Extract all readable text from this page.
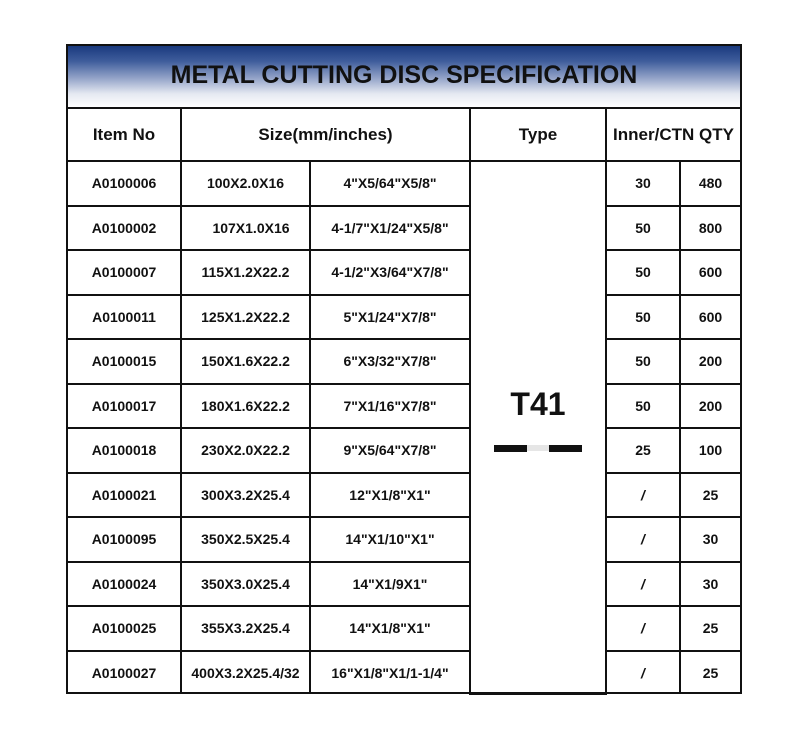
METAL CUTTING DISC SPECIFICATION
Item No	Size(mm/inches)		Type	Inner/CTN QTY	
A0100006	100X2.0X16	4"X5/64"X5/8"	T41	30	480
A0100002	107X1.0X16	4-1/7"X1/24"X5/8"		50	800
A0100007	115X1.2X22.2	4-1/2"X3/64"X7/8"		50	600
A0100011	125X1.2X22.2	5"X1/24"X7/8"		50	600
A0100015	150X1.6X22.2	6"X3/32"X7/8"		50	200
A0100017	180X1.6X22.2	7"X1/16"X7/8"		50	200
A0100018	230X2.0X22.2	9"X5/64"X7/8"		25	100
A0100021	300X3.2X25.4	12"X1/8"X1"		/	25
A0100095	350X2.5X25.4	14"X1/10"X1"		/	30
A0100024	350X3.0X25.4	14"X1/9X1"		/	30
A0100025	355X3.2X25.4	14"X1/8"X1"		/	25
A0100027	400X3.2X25.4/32	16"X1/8"X1/1-1/4"		/	25
